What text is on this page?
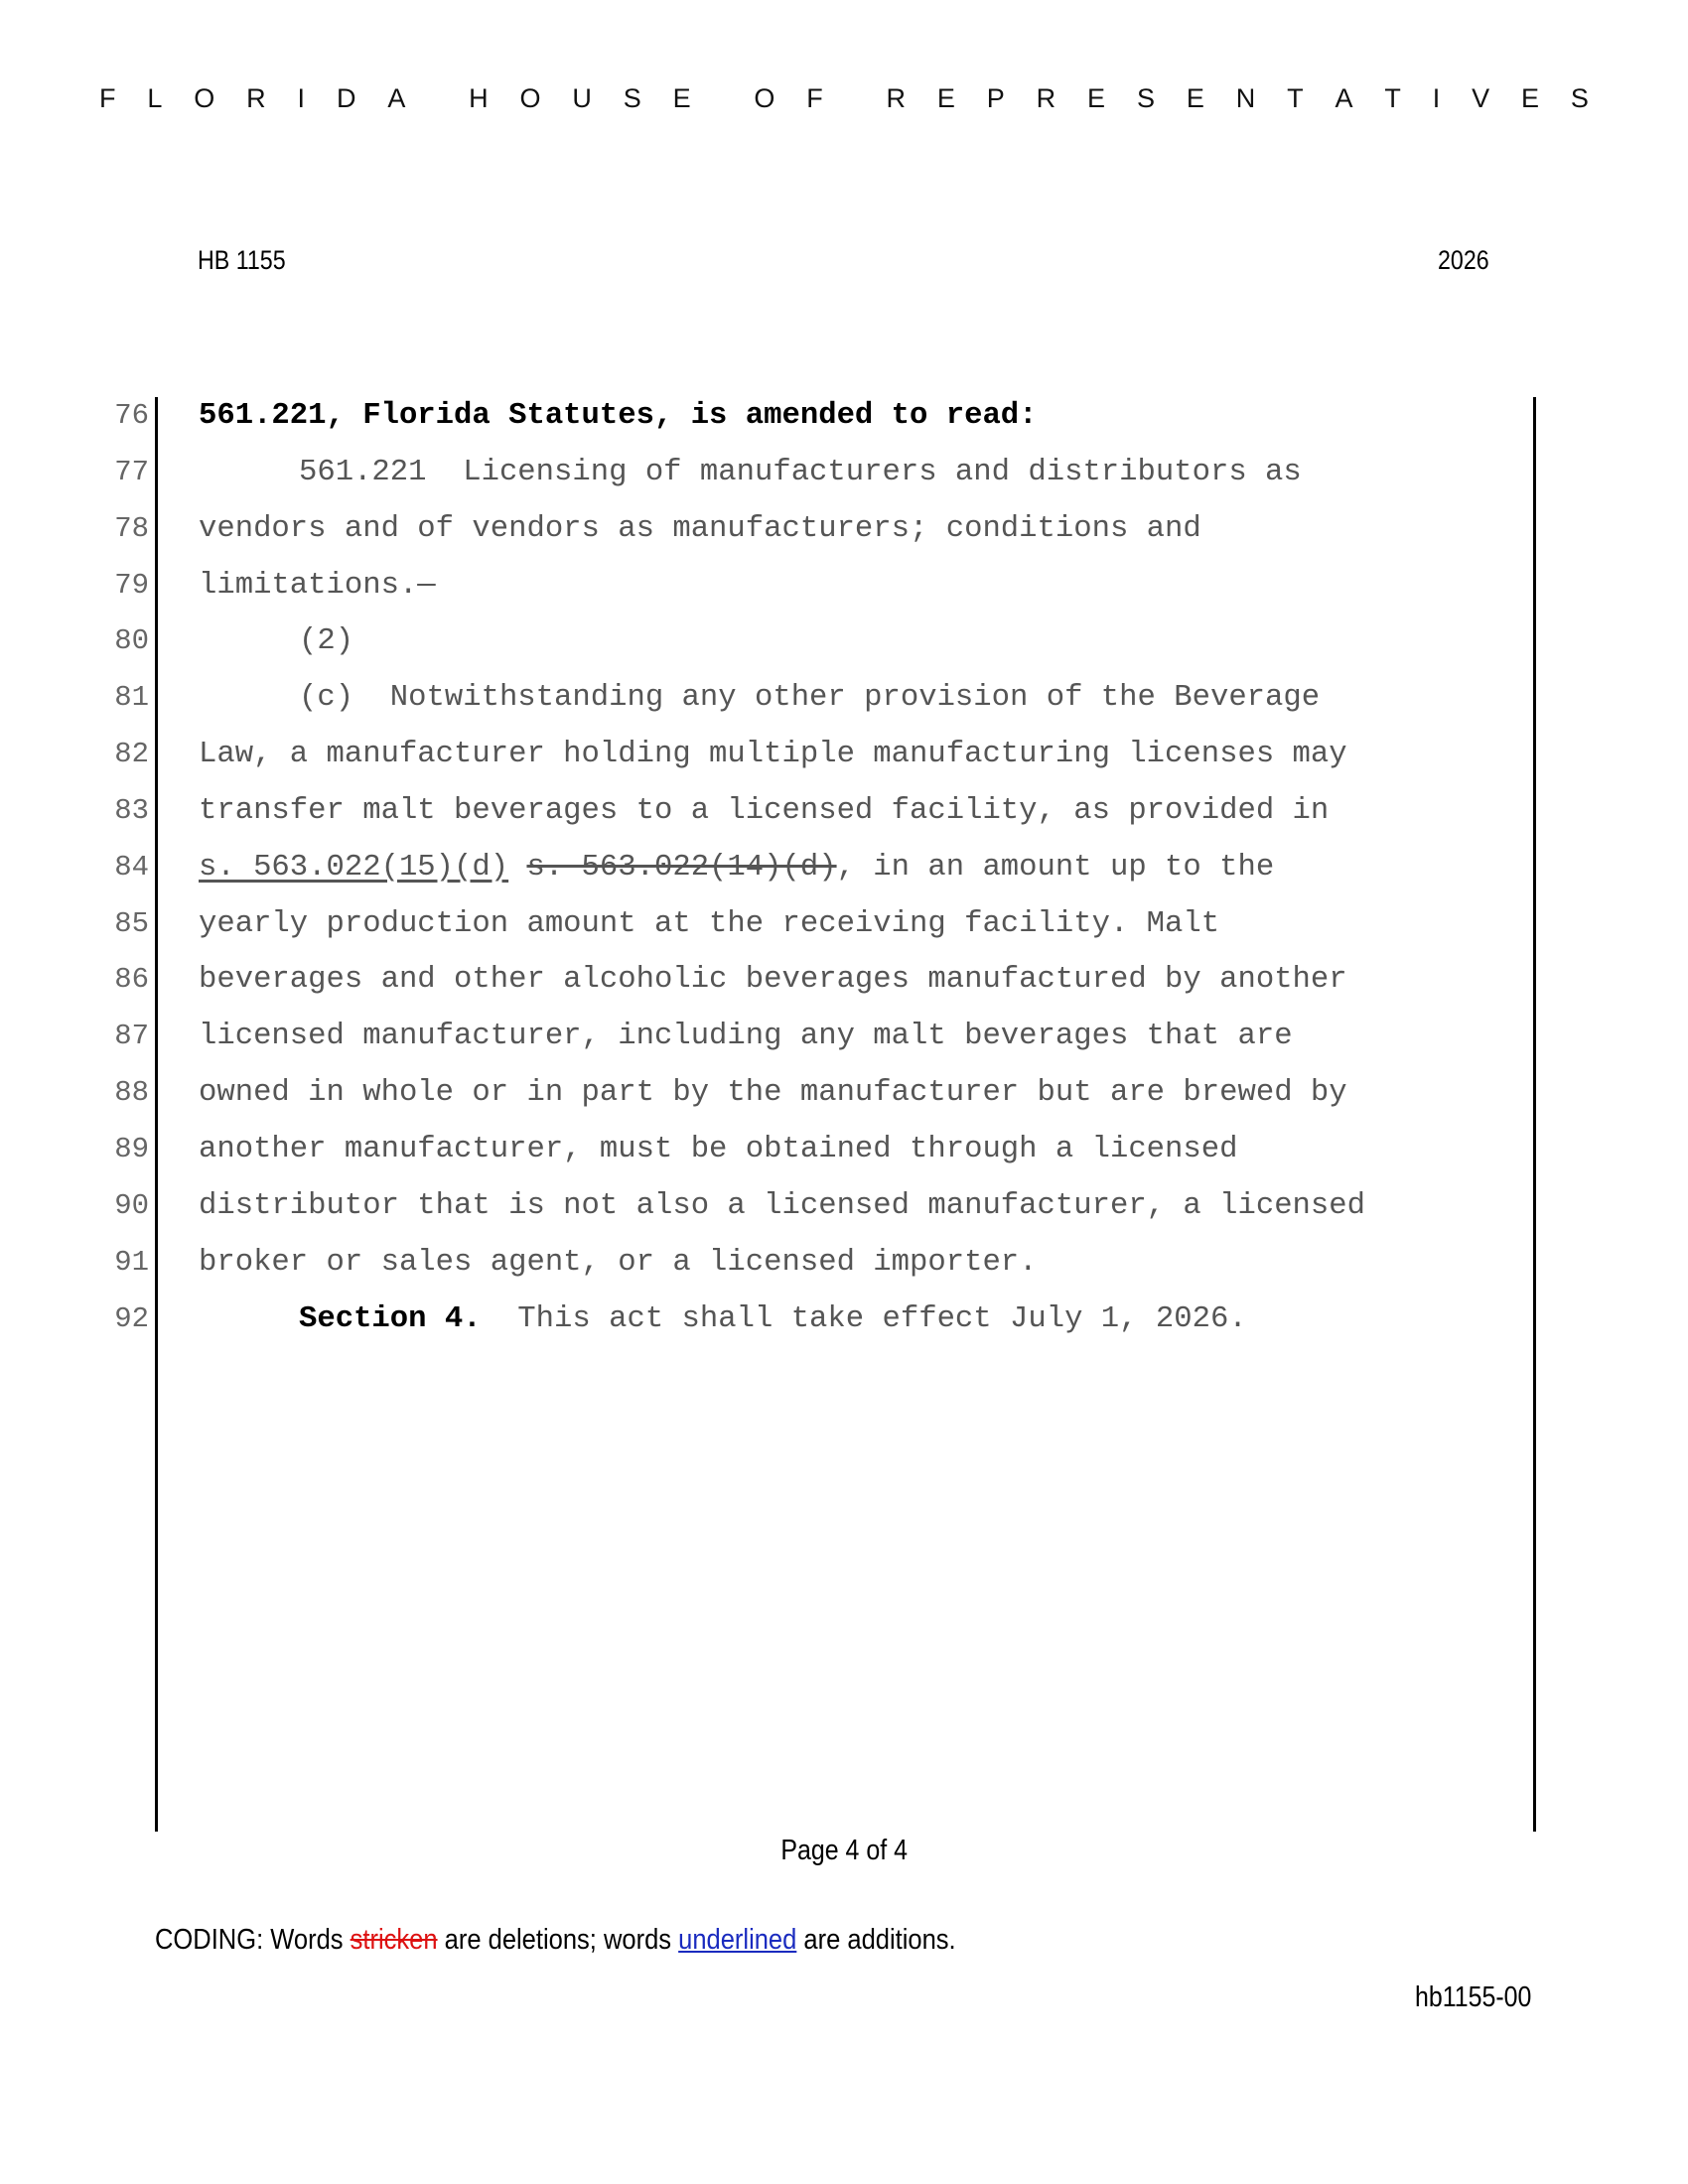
F L O R I D A H O U S E O F R E P R E S E N T A T I V E S
HB 1155	2026
76
77
78
79
80
81
82
83
84
85
86
87
88
89
90
91
92
561.221, Florida Statutes, is amended to read:
561.221  Licensing of manufacturers and distributors as
vendors and of vendors as manufacturers; conditions and
limitations.—
(2)
(c)  Notwithstanding any other provision of the Beverage
Law, a manufacturer holding multiple manufacturing licenses may
transfer malt beverages to a licensed facility, as provided in
s. 563.022(15)(d) s. 563.022(14)(d), in an amount up to the
yearly production amount at the receiving facility. Malt
beverages and other alcoholic beverages manufactured by another
licensed manufacturer, including any malt beverages that are
owned in whole or in part by the manufacturer but are brewed by
another manufacturer, must be obtained through a licensed
distributor that is not also a licensed manufacturer, a licensed
broker or sales agent, or a licensed importer.
Section 4.  This act shall take effect July 1, 2026.
Page 4 of 4
CODING: Words stricken are deletions; words underlined are additions.
hb1155-00
